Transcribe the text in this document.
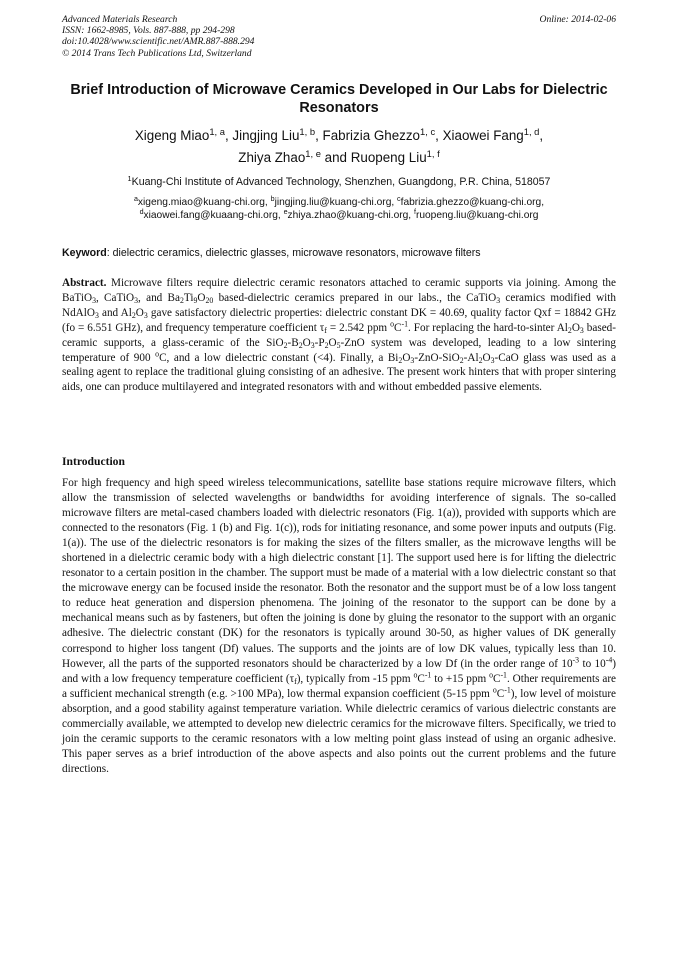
Advanced Materials Research
ISSN: 1662-8985, Vols. 887-888, pp 294-298
doi:10.4028/www.scientific.net/AMR.887-888.294
© 2014 Trans Tech Publications Ltd, Switzerland
Online: 2014-02-06
Brief Introduction of Microwave Ceramics Developed in Our Labs for Dielectric Resonators
Xigeng Miao$^{1, a}$, Jingjing Liu$^{1, b}$, Fabrizia Ghezzo$^{1, c}$, Xiaowei Fang$^{1, d}$,
Zhiya Zhao$^{1, e}$ and Ruopeng Liu$^{1, f}$
$^1$Kuang-Chi Institute of Advanced Technology, Shenzhen, Guangdong, P.R. China, 518057
$^a$xigeng.miao@kuang-chi.org, $^b$jingjing.liu@kuang-chi.org, $^c$fabrizia.ghezzo@kuang-chi.org,
$^d$xiaowei.fang@kuaang-chi.org, $^e$zhiya.zhao@kuang-chi.org, $^f$ruopeng.liu@kuang-chi.org
Keyword: dielectric ceramics, dielectric glasses, microwave resonators, microwave filters
Abstract. Microwave filters require dielectric ceramic resonators attached to ceramic supports via joining. Among the BaTiO$_3$, CaTiO$_3$, and $Ba_2Ti_9O_{20}$ based-dielectric ceramics prepared in our labs., the CaTiO$_3$ ceramics modified with NdAlO$_3$ and $Al_2O_3$ gave satisfactory dielectric properties: dielectric constant DK = 40.69, quality factor Qxf = 18842 GHz (fo = 6.551 GHz), and frequency temperature coefficient $\tau_f = 2.542$ ppm $^oC^{-1}$. For replacing the hard-to-sinter $Al_2O_3$ based-ceramic supports, a glass-ceramic of the $SiO_2-B_2O_3-P_2O_5$-ZnO system was developed, leading to a low sintering temperature of 900 $^o$C, and a low dielectric constant (<4). Finally, a $Bi_2O_3-ZnO-SiO_2-Al_2O_3$-CaO glass was used as a sealing agent to replace the traditional gluing consisting of an adhesive. The present work hinters that with proper sintering aids, one can produce multilayered and integrated resonators with and without embedded passive elements.
Introduction
For high frequency and high speed wireless telecommunications, satellite base stations require microwave filters, which allow the transmission of selected wavelengths or bandwidths for avoiding interference of signals. The so-called microwave filters are metal-cased chambers loaded with dielectric resonators (Fig. 1(a)), provided with supports which are connected to the resonators (Fig. 1 (b) and Fig. 1(c)), rods for initiating resonance, and some power inputs and outputs (Fig. 1(a)). The use of the dielectric resonators is for making the sizes of the filters smaller, as the microwave lengths will be shortened in a dielectric ceramic body with a high dielectric constant [1]. The support used here is for lifting the dielectric resonator to a certain position in the chamber. The support must be made of a material with a low dielectric constant so that the microwave energy can be focused inside the resonator. Both the resonator and the support must be of a low loss tangent to reduce heat generation and dispersion phenomena. The joining of the resonator to the support can be done by a mechanical means such as by fasteners, but often the joining is done by gluing the resonator to the support with an organic adhesive. The dielectric constant (DK) for the resonators is typically around 30-50, as higher values of DK generally correspond to higher loss tangent (Df) values. The supports and the joints are of low DK values, typically less than 10. However, all the parts of the supported resonators should be characterized by a low Df (in the order range of $10^{-3}$ to $10^{-4}$) and with a low frequency temperature coefficient $(\tau_f)$, typically from -15 ppm $^oC^{-1}$ to +15 ppm $^oC^{-1}$. Other requirements are a sufficient mechanical strength (e.g. >100 MPa), low thermal expansion coefficient (5-15 ppm $^oC^{-1}$), low level of moisture absorption, and a good stability against temperature variation. While dielectric ceramics of various dielectric constants are commercially available, we attempted to develop new dielectric ceramics for the microwave filters. Specifically, we tried to join the ceramic supports to the ceramic resonators with a low melting point glass instead of using an organic adhesive. This paper serves as a brief introduction of the above aspects and also points out the current problems and the future directions.
